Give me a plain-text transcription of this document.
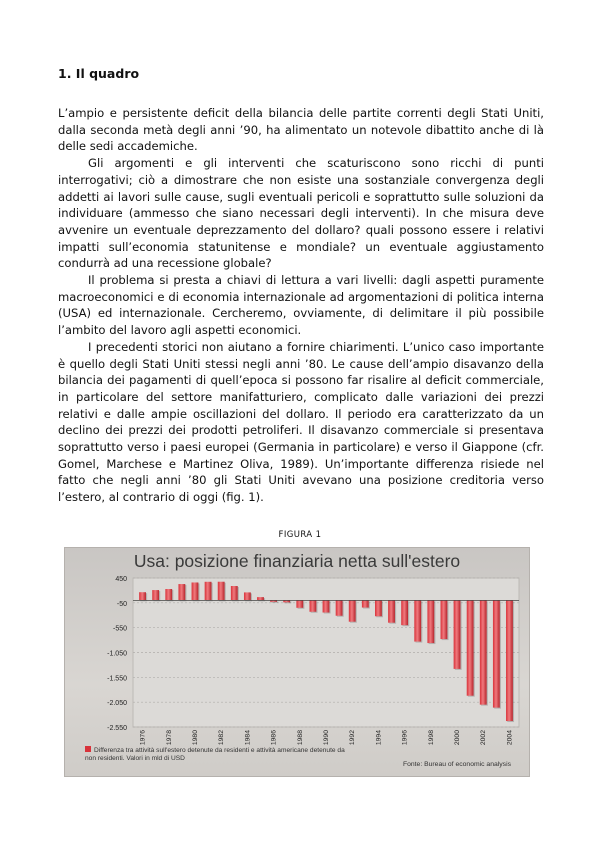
1. Il quadro

L’ampio e persistente deficit della bilancia delle partite correnti degli Stati Uniti, dalla seconda metà degli anni ’90, ha alimentato un notevole dibattito anche di là delle sedi accademiche.

Gli argomenti e gli interventi che scaturiscono sono ricchi di punti interrogativi; ciò a dimostrare che non esiste una sostanziale convergenza degli addetti ai lavori sulle cause, sugli eventuali pericoli e soprattutto sulle soluzioni da individuare (ammesso che siano necessari degli interventi). In che misura deve avvenire un eventuale deprezzamento del dollaro? quali possono essere i relativi impatti sull’economia statunitense e mondiale? un eventuale aggiustamento condurrà ad una recessione globale?

Il problema si presta a chiavi di lettura a vari livelli: dagli aspetti puramente macroeconomici e di economia internazionale ad argomentazioni di politica interna (USA) ed internazionale. Cercheremo, ovviamente, di delimitare il più possibile l’ambito del lavoro agli aspetti economici.

I precedenti storici non aiutano a fornire chiarimenti. L’unico caso importante è quello degli Stati Uniti stessi negli anni ’80. Le cause dell’ampio disavanzo della bilancia dei pagamenti di quell’epoca si possono far risalire al deficit commerciale, in particolare del settore manifatturiero, complicato dalle variazioni dei prezzi relativi e dalle ampie oscillazioni del dollaro. Il periodo era caratterizzato da un declino dei prezzi dei prodotti petroliferi. Il disavanzo commerciale si presentava soprattutto verso i paesi europei (Germania in particolare) e verso il Giappone (cfr. Gomel, Marchese e Martinez Oliva, 1989). Un’importante differenza risiede nel fatto che negli anni ’80 gli Stati Uniti avevano una posizione creditoria verso l’estero, al contrario di oggi (fig. 1).

FIGURA 1
Usa: posizione finanziaria netta sull'estero
450
-50
-550
-1.050
-1.550
-2.050
-2.550
1976	1978	1980	1982	1984	1986	1988	1990	1992	1994	1996	1998	2000	2002	2004
Differenza tra attività sull'estero detenute da residenti e attività americane detenute da non residenti. Valori in mld di USD
Fonte: Bureau of economic analysis
